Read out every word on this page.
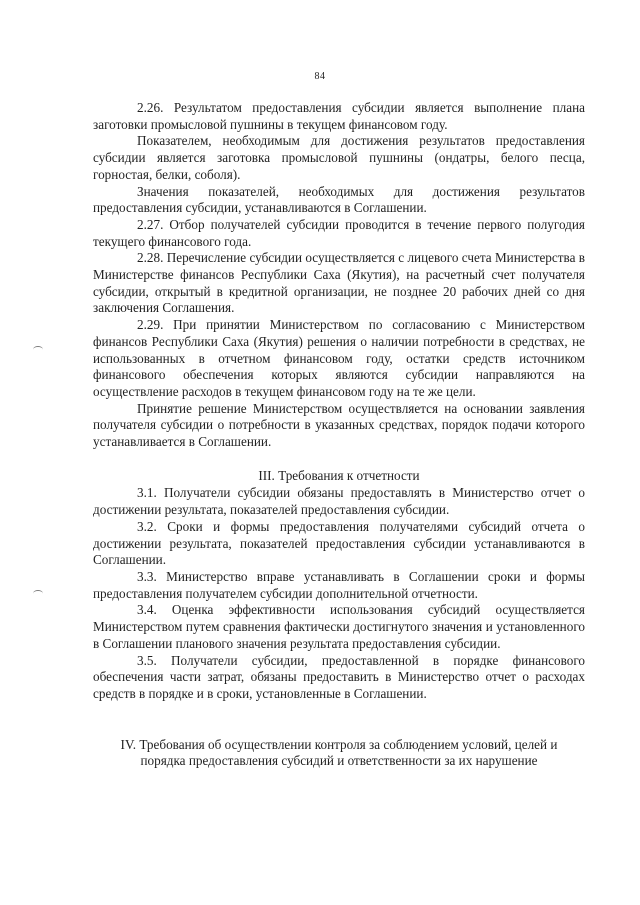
84

2.26. Результатом предоставления субсидии является выполнение плана заготовки промысловой пушнины в текущем финансовом году.

Показателем, необходимым для достижения результатов предоставления субсидии является заготовка промысловой пушнины (ондатры, белого песца, горностая, белки, соболя).

Значения показателей, необходимых для достижения результатов предоставления субсидии, устанавливаются в Соглашении.

2.27. Отбор получателей субсидии проводится в течение первого полугодия текущего финансового года.

2.28. Перечисление субсидии осуществляется с лицевого счета Министерства в Министерстве финансов Республики Саха (Якутия), на расчетный счет получателя субсидии, открытый в кредитной организации, не позднее 20 рабочих дней со дня заключения Соглашения.

2.29. При принятии Министерством по согласованию с Министерством финансов Республики Саха (Якутия) решения о наличии потребности в средствах, не использованных в отчетном финансовом году, остатки средств источником финансового обеспечения которых являются субсидии направляются на осуществление расходов в текущем финансовом году на те же цели.

Принятие решение Министерством осуществляется на основании заявления получателя субсидии о потребности в указанных средствах, порядок подачи которого устанавливается в Соглашении.

III. Требования к отчетности

3.1. Получатели субсидии обязаны предоставлять в Министерство отчет о достижении результата, показателей предоставления субсидии.

3.2. Сроки и формы предоставления получателями субсидий отчета о достижении результата, показателей предоставления субсидии устанавливаются в Соглашении.

3.3. Министерство вправе устанавливать в Соглашении сроки и формы предоставления получателем субсидии дополнительной отчетности.

3.4. Оценка эффективности использования субсидий осуществляется Министерством путем сравнения фактически достигнутого значения и установленного в Соглашении планового значения результата предоставления субсидии.

3.5. Получатели субсидии, предоставленной в порядке финансового обеспечения части затрат, обязаны предоставить в Министерство отчет о расходах средств в порядке и в сроки, установленные в Соглашении.

IV. Требования об осуществлении контроля за соблюдением условий, целей и порядка предоставления субсидий и ответственности за их нарушение
